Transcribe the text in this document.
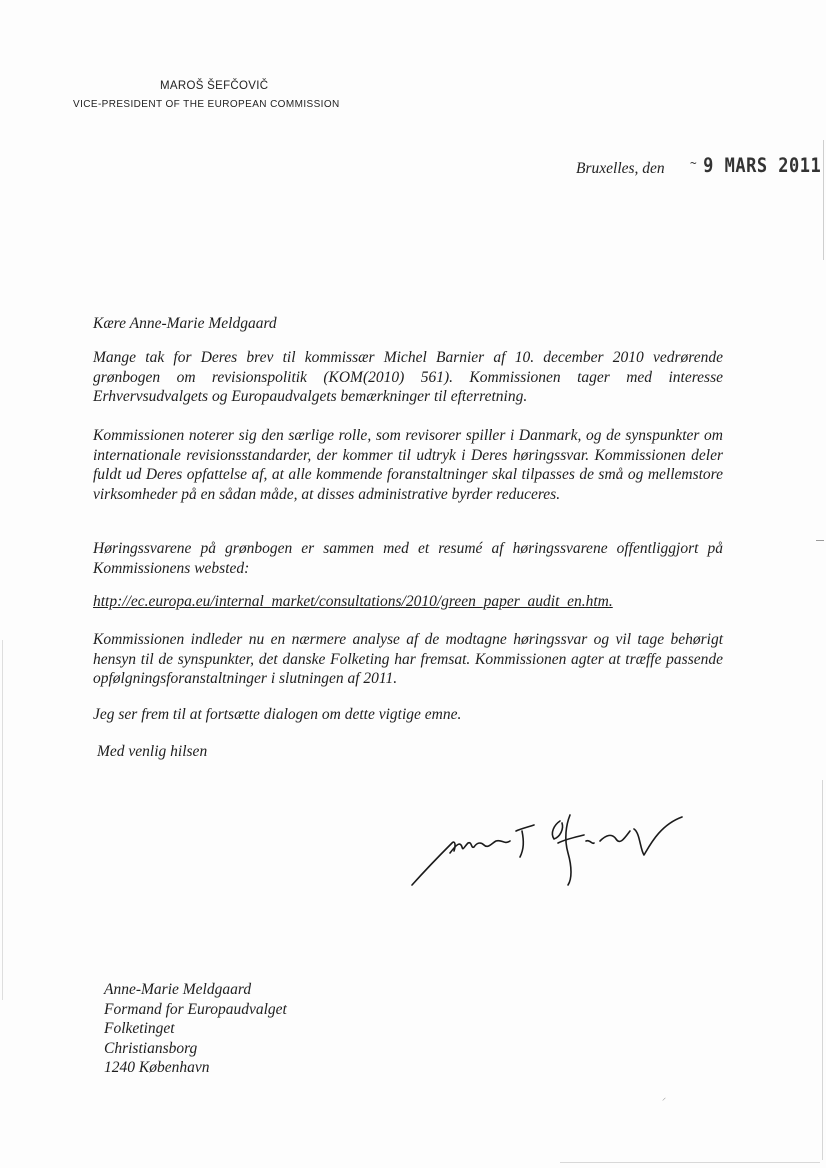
MAROŠ ŠEFČOVIČ
VICE-PRESIDENT OF THE EUROPEAN COMMISSION
Bruxelles, den ~ 9 MARS 2011
Kære Anne-Marie Meldgaard
Mange tak for Deres brev til kommissær Michel Barnier af 10. december 2010 vedrørende grønbogen om revisionspolitik (KOM(2010) 561). Kommissionen tager med interesse Erhvervsudvalgets og Europaudvalgets bemærkninger til efterretning.
Kommissionen noterer sig den særlige rolle, som revisorer spiller i Danmark, og de synspunkter om internationale revisionsstandarder, der kommer til udtryk i Deres høringssvar. Kommissionen deler fuldt ud Deres opfattelse af, at alle kommende foranstaltninger skal tilpasses de små og mellemstore virksomheder på en sådan måde, at disses administrative byrder reduceres.
Høringssvarene på grønbogen er sammen med et resumé af høringssvarene offentliggjort på Kommissionens websted:
http://ec.europa.eu/internal_market/consultations/2010/green_paper_audit_en.htm.
Kommissionen indleder nu en nærmere analyse af de modtagne høringssvar og vil tage behørigt hensyn til de synspunkter, det danske Folketing har fremsat. Kommissionen agter at træffe passende opfølgningsforanstaltninger i slutningen af 2011.
Jeg ser frem til at fortsætte dialogen om dette vigtige emne.
Med venlig hilsen
Anne-Marie Meldgaard
Formand for Europaudvalget
Folketinget
Christiansborg
1240 København
⸝
